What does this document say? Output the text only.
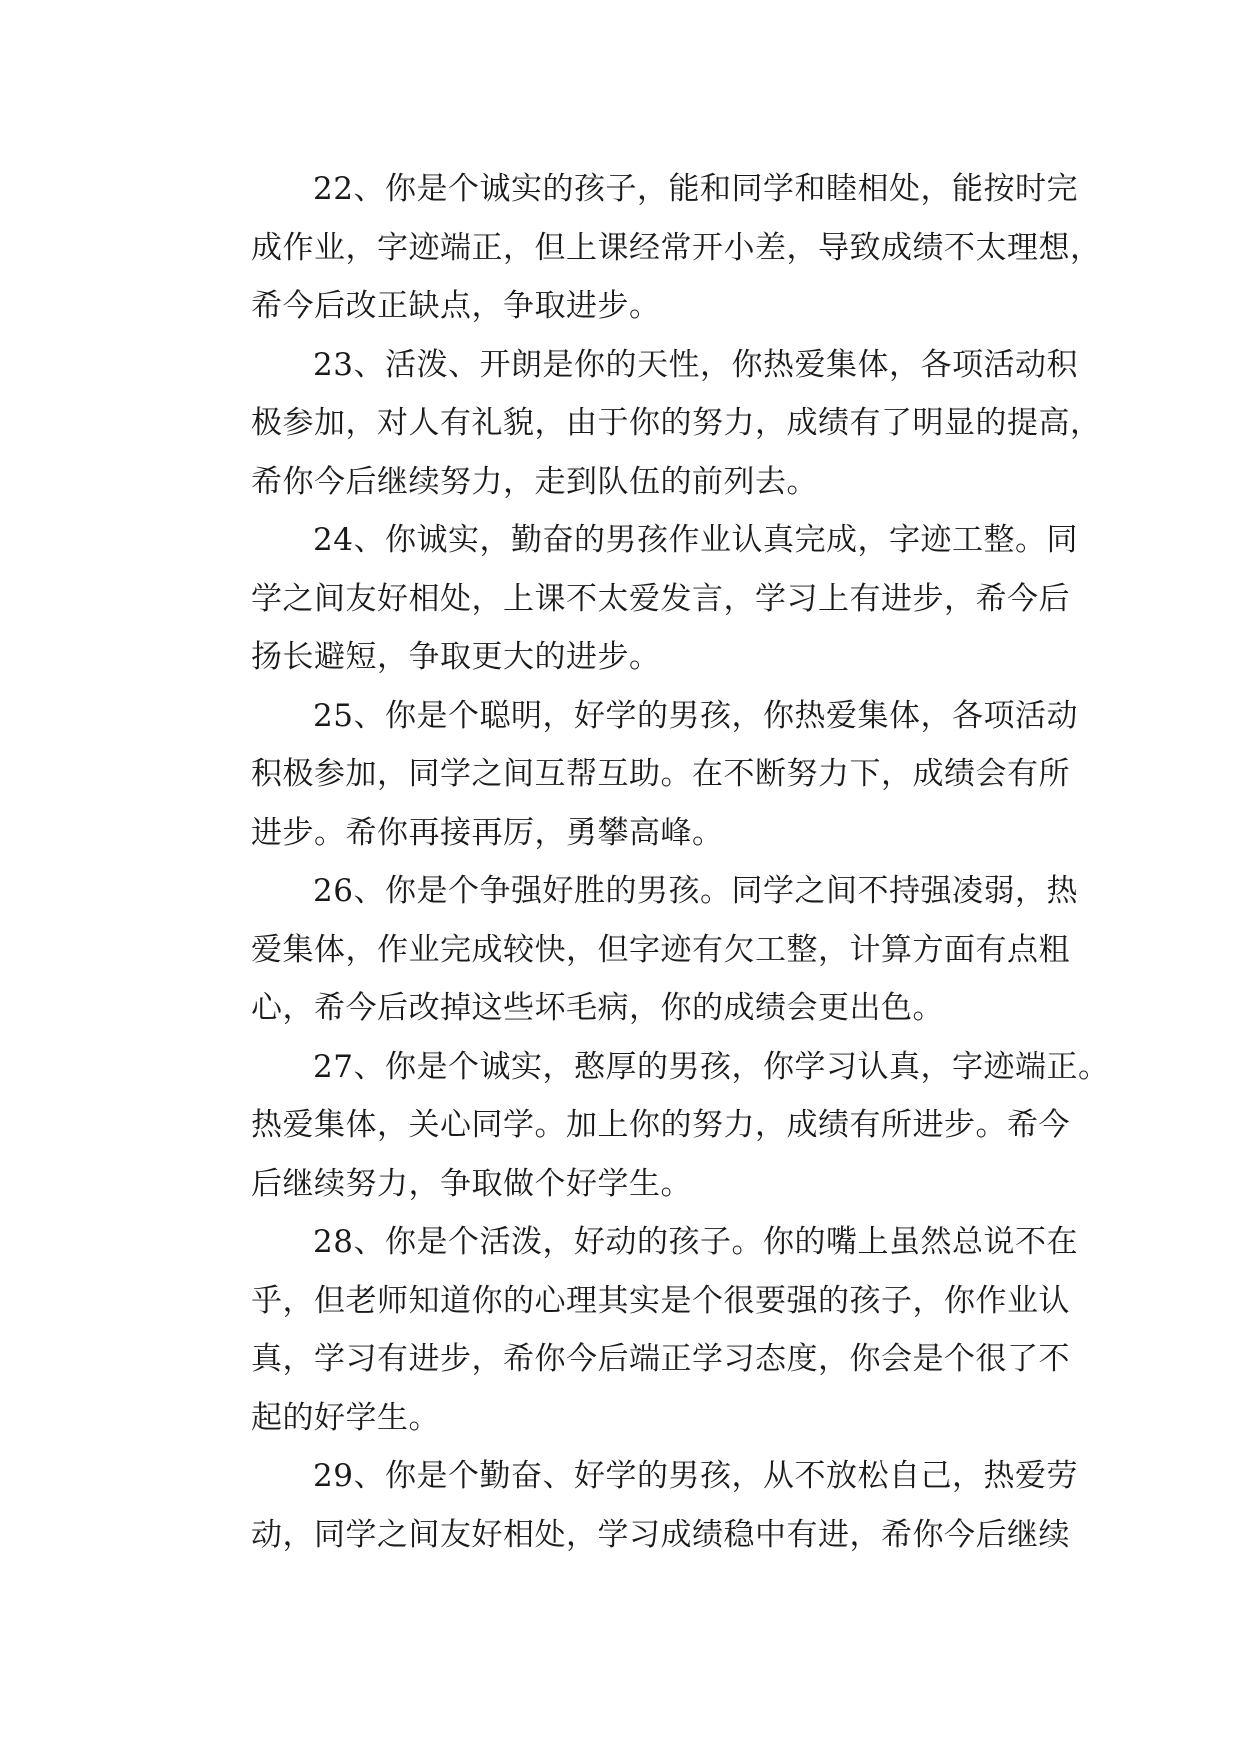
22、你是个诚实的孩子，能和同学和睦相处，能按时完
成作业，字迹端正，但上课经常开小差，导致成绩不太理想，
希今后改正缺点，争取进步。
23、活泼、开朗是你的天性，你热爱集体，各项活动积
极参加，对人有礼貌，由于你的努力，成绩有了明显的提高，
希你今后继续努力，走到队伍的前列去。
24、你诚实，勤奋的男孩作业认真完成，字迹工整。同
学之间友好相处，上课不太爱发言，学习上有进步，希今后
扬长避短，争取更大的进步。
25、你是个聪明，好学的男孩，你热爱集体，各项活动
积极参加，同学之间互帮互助。在不断努力下，成绩会有所
进步。希你再接再厉，勇攀高峰。
26、你是个争强好胜的男孩。同学之间不持强凌弱，热
爱集体，作业完成较快，但字迹有欠工整，计算方面有点粗
心，希今后改掉这些坏毛病，你的成绩会更出色。
27、你是个诚实，憨厚的男孩，你学习认真，字迹端正。
热爱集体，关心同学。加上你的努力，成绩有所进步。希今
后继续努力，争取做个好学生。
28、你是个活泼，好动的孩子。你的嘴上虽然总说不在
乎，但老师知道你的心理其实是个很要强的孩子，你作业认
真，学习有进步，希你今后端正学习态度，你会是个很了不
起的好学生。
29、你是个勤奋、好学的男孩，从不放松自己，热爱劳
动，同学之间友好相处，学习成绩稳中有进，希你今后继续
